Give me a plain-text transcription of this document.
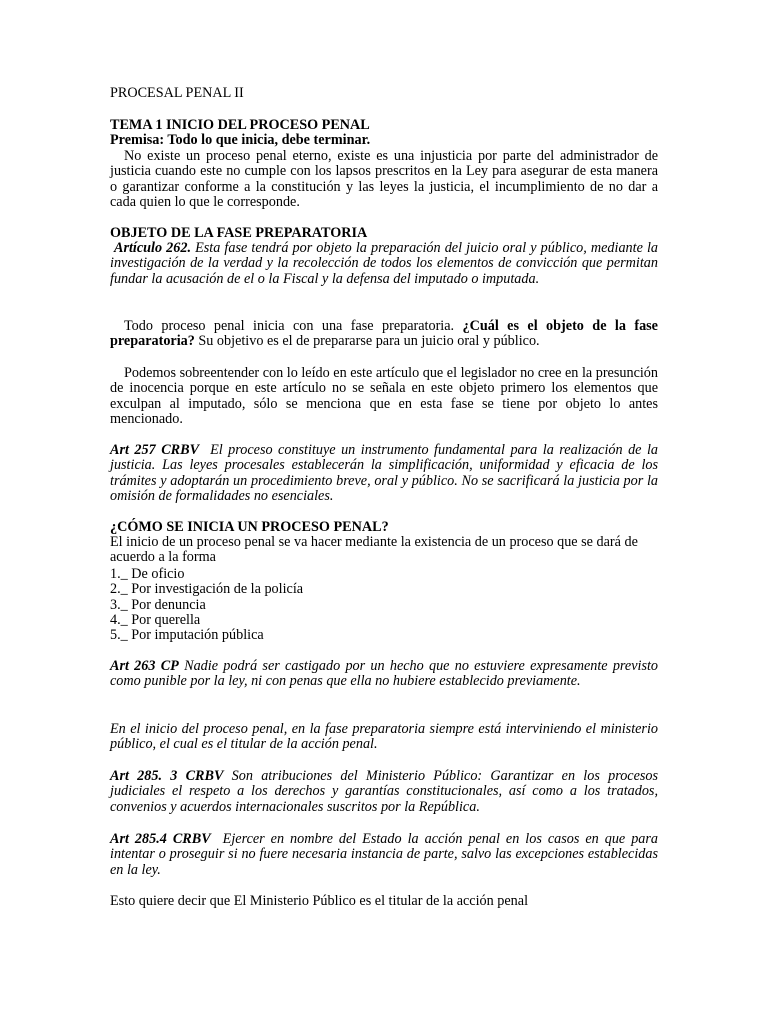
PROCESAL PENAL II

TEMA 1 INICIO DEL PROCESO PENAL

Premisa: Todo lo que inicia, debe terminar.

No existe un proceso penal eterno, existe es una injusticia por parte del administrador de justicia cuando este no cumple con los lapsos prescritos en la Ley para asegurar de esta manera o garantizar conforme a la constitución y las leyes la justicia, el incumplimiento de no dar a cada quien lo que le corresponde.

OBJETO DE LA FASE PREPARATORIA

Artículo 262. Esta fase tendrá por objeto la preparación del juicio oral y público, mediante la investigación de la verdad y la recolección de todos los elementos de convicción que permitan fundar la acusación de el o la Fiscal y la defensa del imputado o imputada.

Todo proceso penal inicia con una fase preparatoria. ¿Cuál es el objeto de la fase preparatoria? Su objetivo es el de prepararse para un juicio oral y público.

Podemos sobreentender con lo leído en este artículo que el legislador no cree en la presunción de inocencia porque en este artículo no se señala en este objeto primero los elementos que exculpan al imputado, sólo se menciona que en esta fase se tiene por objeto lo antes mencionado.

Art 257 CRBV El proceso constituye un instrumento fundamental para la realización de la justicia. Las leyes procesales establecerán la simplificación, uniformidad y eficacia de los trámites y adoptarán un procedimiento breve, oral y público. No se sacrificará la justicia por la omisión de formalidades no esenciales.

¿CÓMO SE INICIA UN PROCESO PENAL?

El inicio de un proceso penal se va hacer mediante la existencia de un proceso que se dará de acuerdo a la forma

1._ De oficio
2._ Por investigación de la policía
3._ Por denuncia
4._ Por querella
5._ Por imputación pública

Art 263 CP Nadie podrá ser castigado por un hecho que no estuviere expresamente previsto como punible por la ley, ni con penas que ella no hubiere establecido previamente.

En el inicio del proceso penal, en la fase preparatoria siempre está interviniendo el ministerio público, el cual es el titular de la acción penal.

Art 285. 3 CRBV Son atribuciones del Ministerio Público: Garantizar en los procesos judiciales el respeto a los derechos y garantías constitucionales, así como a los tratados, convenios y acuerdos internacionales suscritos por la República.

Art 285.4 CRBV Ejercer en nombre del Estado la acción penal en los casos en que para intentar o proseguir si no fuere necesaria instancia de parte, salvo las excepciones establecidas en la ley.

Esto quiere decir que El Ministerio Público es el titular de la acción penal
